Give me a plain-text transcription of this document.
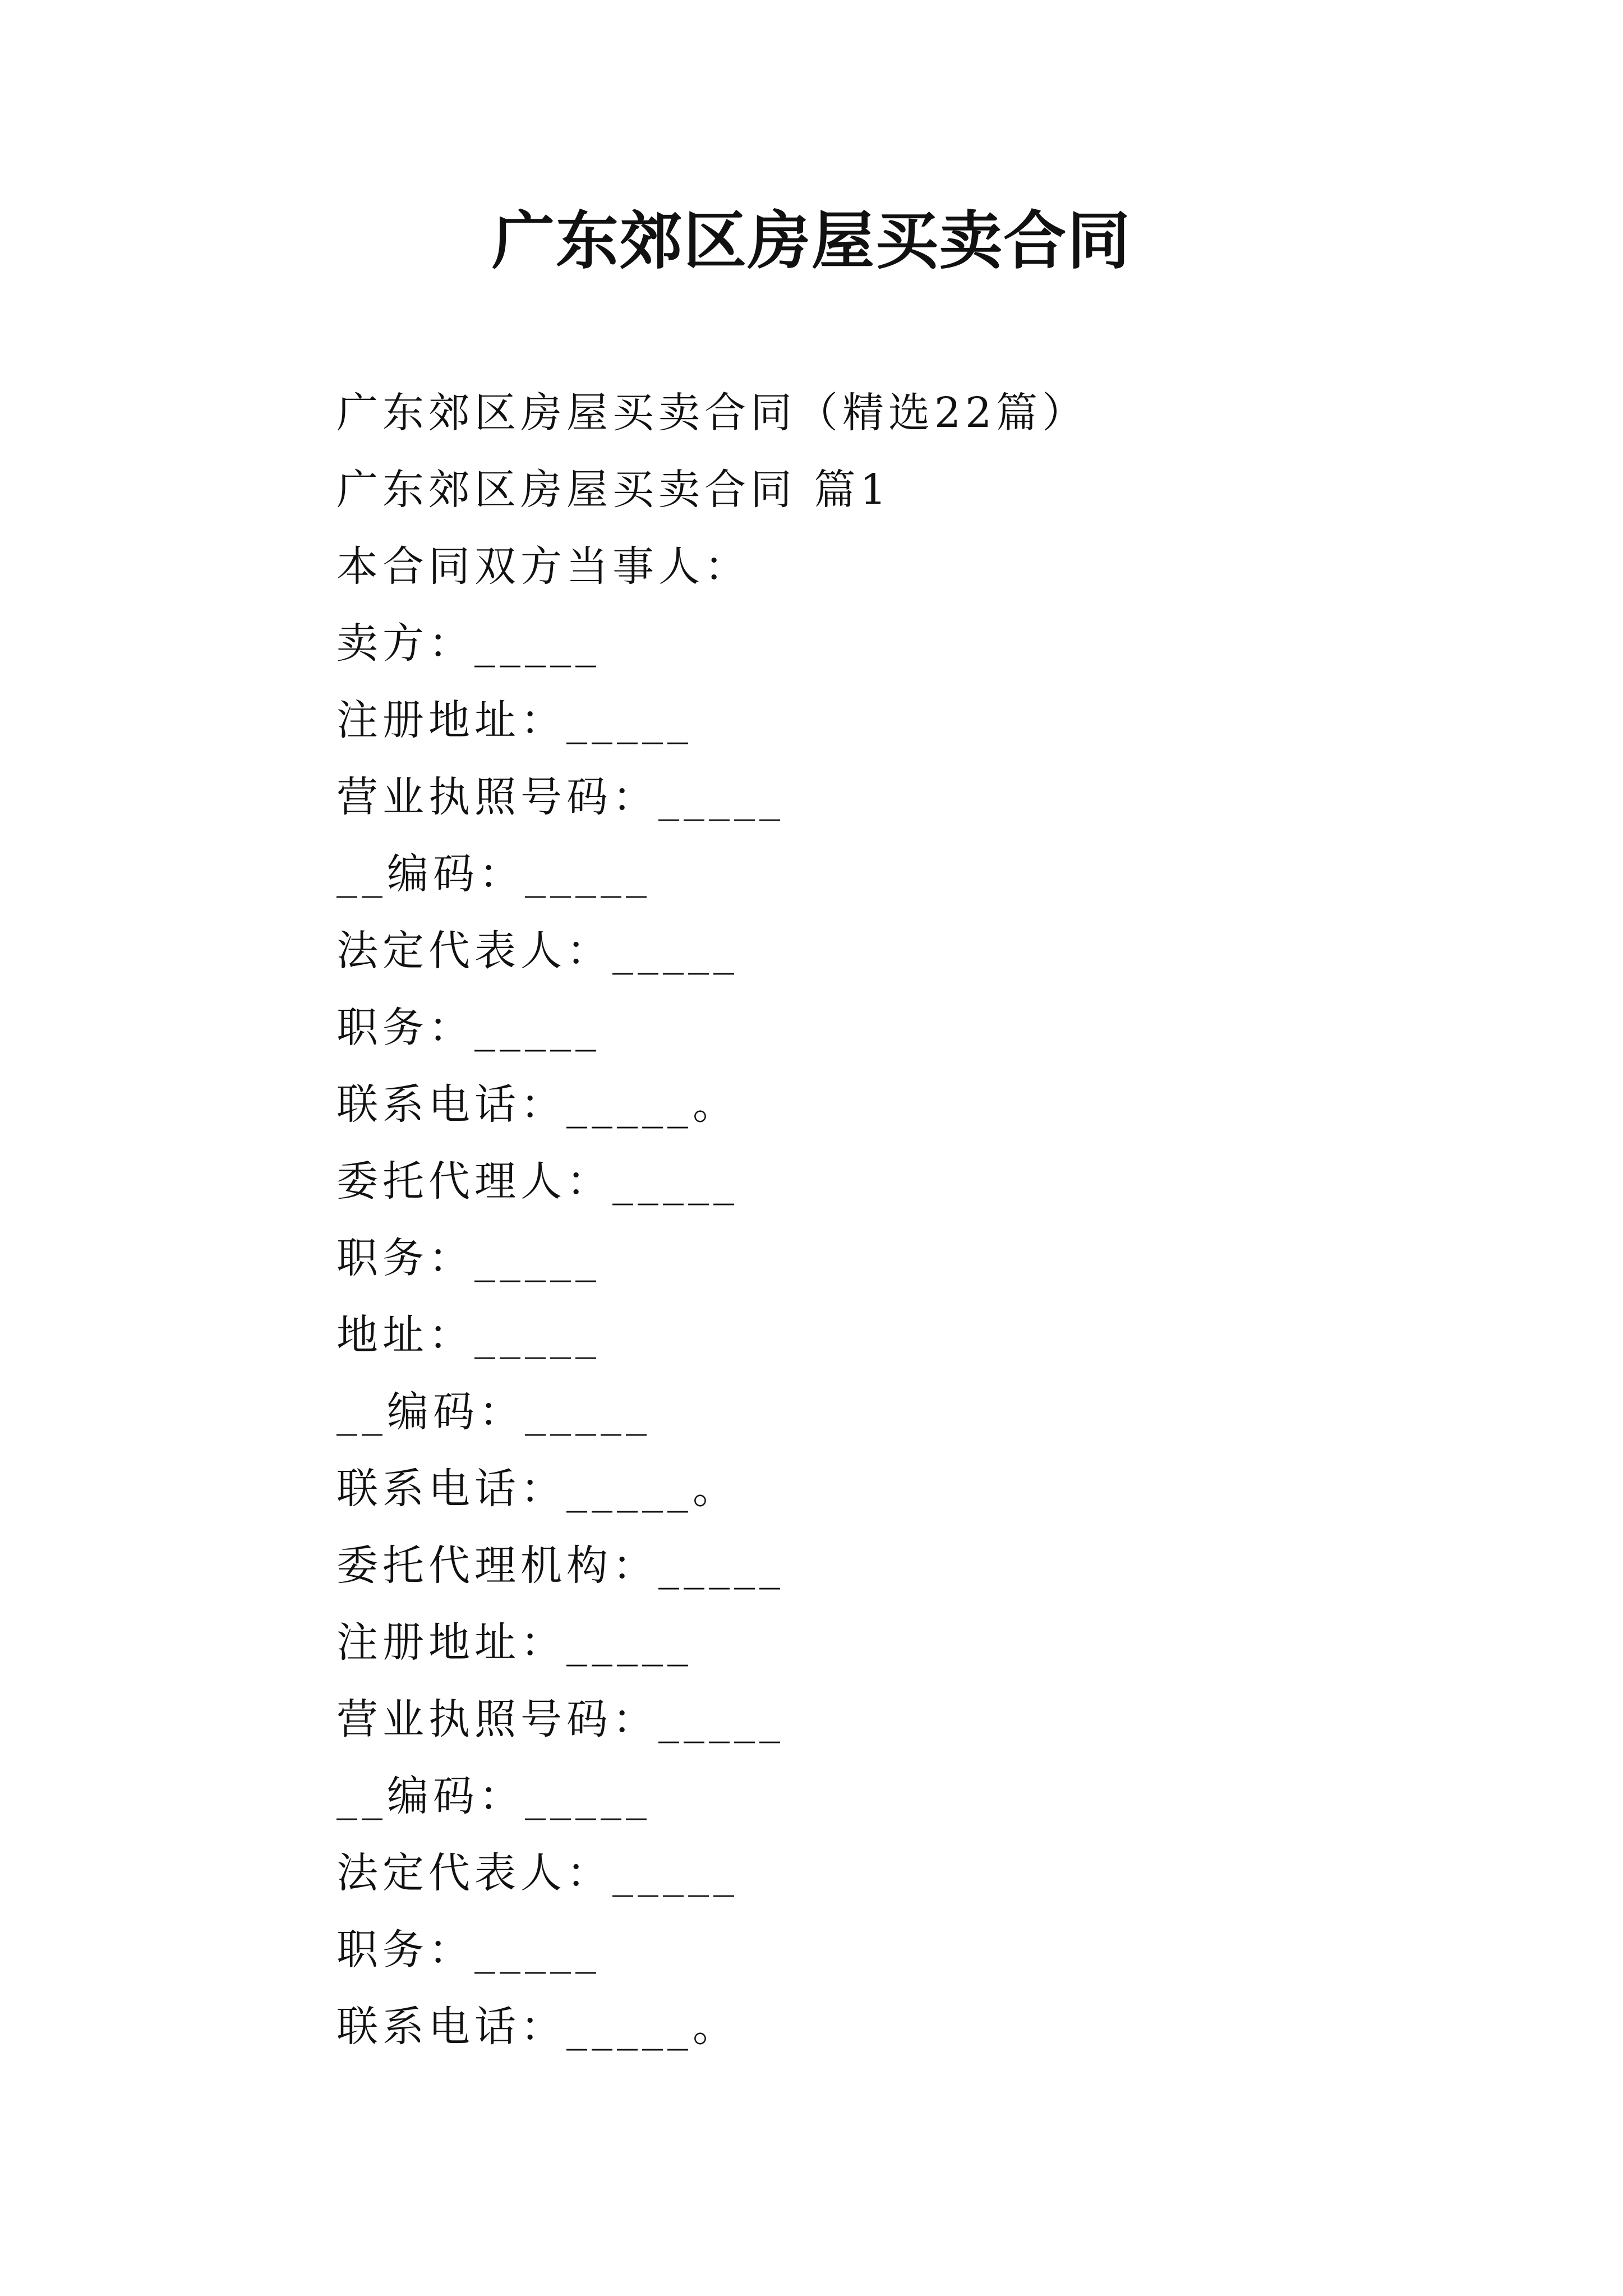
广东郊区房屋买卖合同
广东郊区房屋买卖合同（精选22篇）
广东郊区房屋买卖合同 篇1
本合同双方当事人：
卖方：_____
注册地址：_____
营业执照号码：_____
__编码：_____
法定代表人：_____
职务：_____
联系电话：_____。
委托代理人：_____
职务：_____
地址：_____
__编码：_____
联系电话：_____。
委托代理机构：_____
注册地址：_____
营业执照号码：_____
__编码：_____
法定代表人：_____
职务：_____
联系电话：_____。
